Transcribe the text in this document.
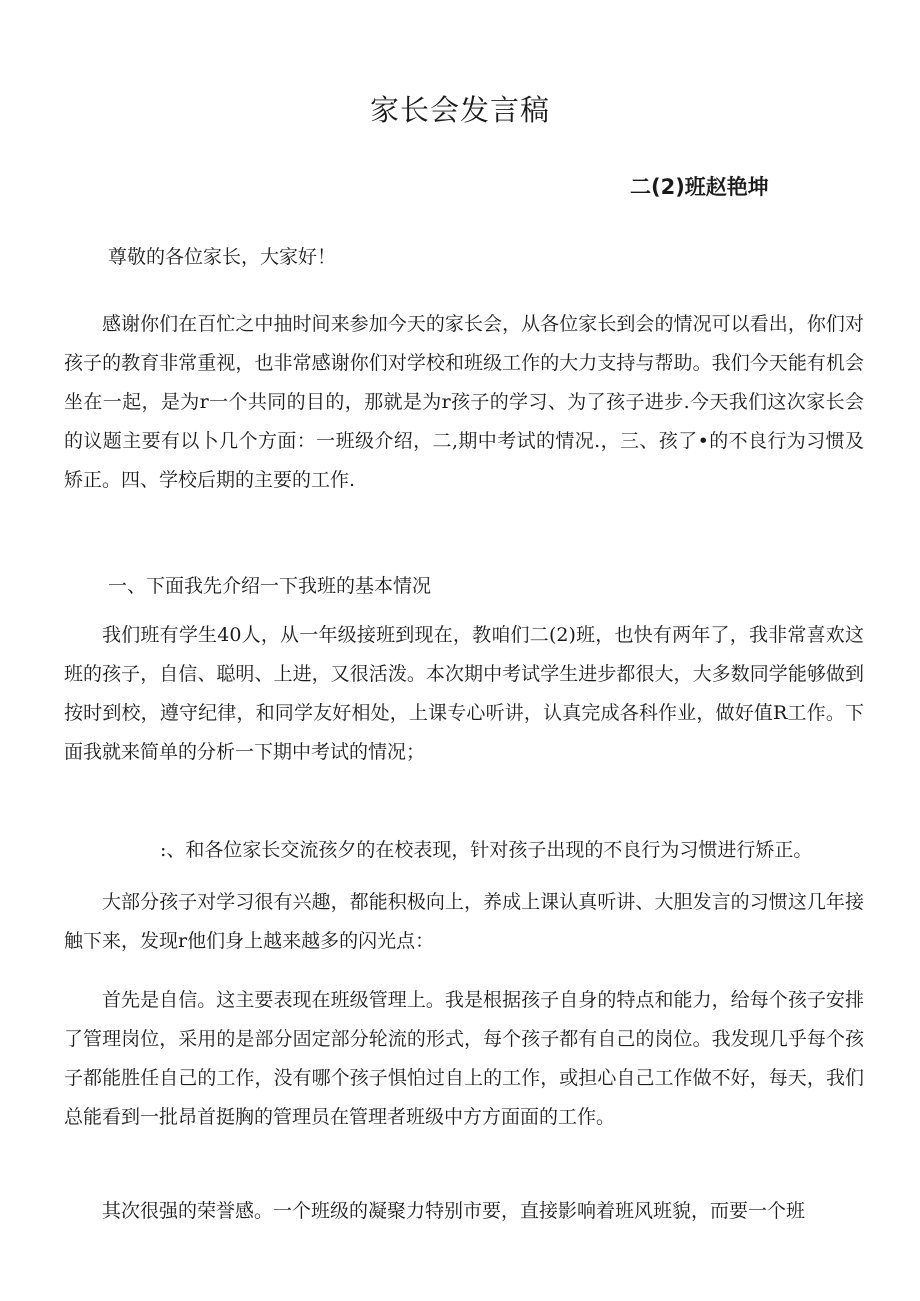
家长会发言稿

二(2)班赵艳坤

尊敬的各位家长，大家好！

感谢你们在百忙之中抽时间来参加今天的家长会，从各位家长到会的情况可以看出，你们对孩子的教育非常重视，也非常感谢你们对学校和班级工作的大力支持与帮助。我们今天能有机会坐在一起，是为r一个共同的目的，那就是为r孩子的学习、为了孩子进步.今天我们这次家长会的议题主要有以卜几个方面：一班级介绍，二,期中考试的情况.，三、孩了•的不良行为习惯及矫正。四、学校后期的主要的工作.

一、下面我先介绍一下我班的基本情况

我们班有学生40人，从一年级接班到现在，教咱们二(2)班，也快有两年了，我非常喜欢这班的孩子，自信、聪明、上进，又很活泼。本次期中考试学生进步都很大，大多数同学能够做到按时到校，遵守纪律，和同学友好相处，上课专心听讲，认真完成各科作业，做好值R工作。下面我就来简单的分析一下期中考试的情况；

:、和各位家长交流孩夕的在校表现，针对孩子出现的不良行为习惯进行矫正。

大部分孩子对学习很有兴趣，都能积极向上，养成上课认真听讲、大胆发言的习惯这几年接触下来，发现r他们身上越来越多的闪光点：

首先是自信。这主要表现在班级管理上。我是根据孩子自身的特点和能力，给每个孩子安排了管理岗位，采用的是部分固定部分轮流的形式，每个孩子都有自己的岗位。我发现几乎每个孩子都能胜任自己的工作，没有哪个孩子惧怕过自上的工作，或担心自己工作做不好，每天，我们总能看到一批昂首挺胸的管理员在管理者班级中方方面面的工作。

其次很强的荣誉感。一个班级的凝聚力特别市要，直接影响着班风班貌，而要一个班
